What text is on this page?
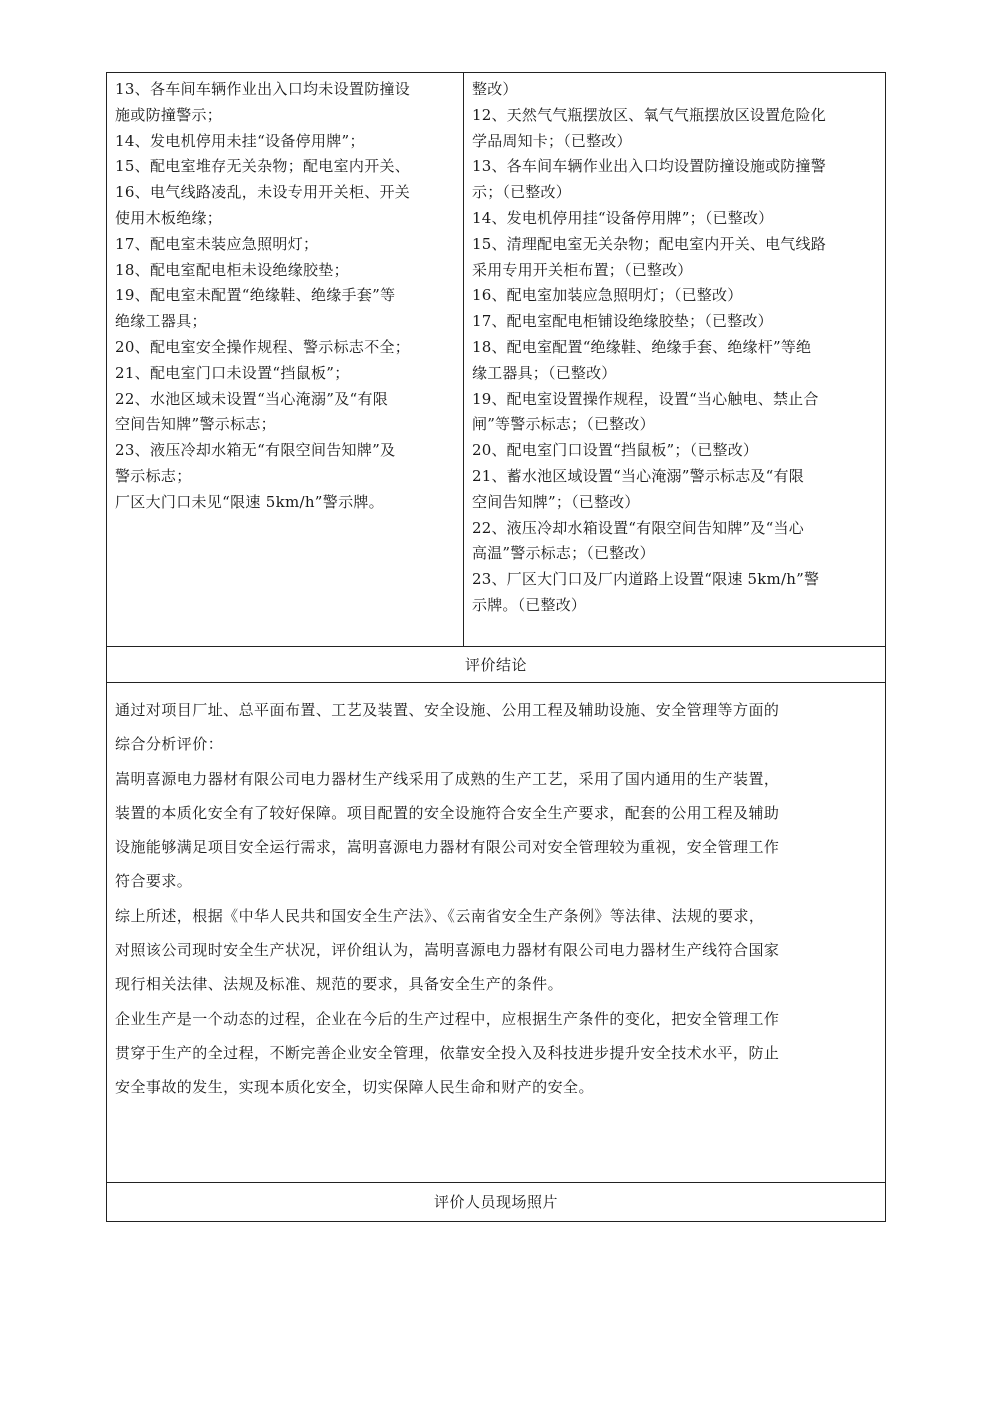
13、各车间车辆作业出入口均未设置防撞设
施或防撞警示；
14、发电机停用未挂“设备停用牌”；
15、配电室堆存无关杂物；配电室内开关、
16、电气线路凌乱，未设专用开关柜、开关
使用木板绝缘；
17、配电室未装应急照明灯；
18、配电室配电柜未设绝缘胶垫；
19、配电室未配置“绝缘鞋、绝缘手套”等
绝缘工器具；
20、配电室安全操作规程、警示标志不全；
21、配电室门口未设置“挡鼠板”；
22、水池区域未设置“当心淹溺”及“有限
空间告知牌”警示标志；
23、液压冷却水箱无“有限空间告知牌”及
警示标志；
厂区大门口未见“限速 5km/h”警示牌。
整改）
12、天然气气瓶摆放区、氧气气瓶摆放区设置危险化
学品周知卡；（已整改）
13、各车间车辆作业出入口均设置防撞设施或防撞警
示；（已整改）
14、发电机停用挂“设备停用牌”；（已整改）
15、清理配电室无关杂物；配电室内开关、电气线路
采用专用开关柜布置；（已整改）
16、配电室加装应急照明灯；（已整改）
17、配电室配电柜铺设绝缘胶垫；（已整改）
18、配电室配置“绝缘鞋、绝缘手套、绝缘杆”等绝
缘工器具；（已整改）
19、配电室设置操作规程，设置“当心触电、禁止合
闸”等警示标志；（已整改）
20、配电室门口设置“挡鼠板”；（已整改）
21、蓄水池区域设置“当心淹溺”警示标志及“有限
空间告知牌”；（已整改）
22、液压冷却水箱设置“有限空间告知牌”及“当心
高温”警示标志；（已整改）
23、厂区大门口及厂内道路上设置“限速 5km/h”警
示牌。（已整改）
评价结论
通过对项目厂址、总平面布置、工艺及装置、安全设施、公用工程及辅助设施、安全管理等方面的
综合分析评价：
嵩明喜源电力器材有限公司电力器材生产线采用了成熟的生产工艺，采用了国内通用的生产装置，
装置的本质化安全有了较好保障。项目配置的安全设施符合安全生产要求，配套的公用工程及辅助
设施能够满足项目安全运行需求，嵩明喜源电力器材有限公司对安全管理较为重视，安全管理工作
符合要求。
综上所述，根据《中华人民共和国安全生产法》、《云南省安全生产条例》等法律、法规的要求，
对照该公司现时安全生产状况，评价组认为，嵩明喜源电力器材有限公司电力器材生产线符合国家
现行相关法律、法规及标准、规范的要求，具备安全生产的条件。
企业生产是一个动态的过程，企业在今后的生产过程中，应根据生产条件的变化，把安全管理工作
贯穿于生产的全过程，不断完善企业安全管理，依靠安全投入及科技进步提升安全技术水平，防止
安全事故的发生，实现本质化安全，切实保障人民生命和财产的安全。
评价人员现场照片
